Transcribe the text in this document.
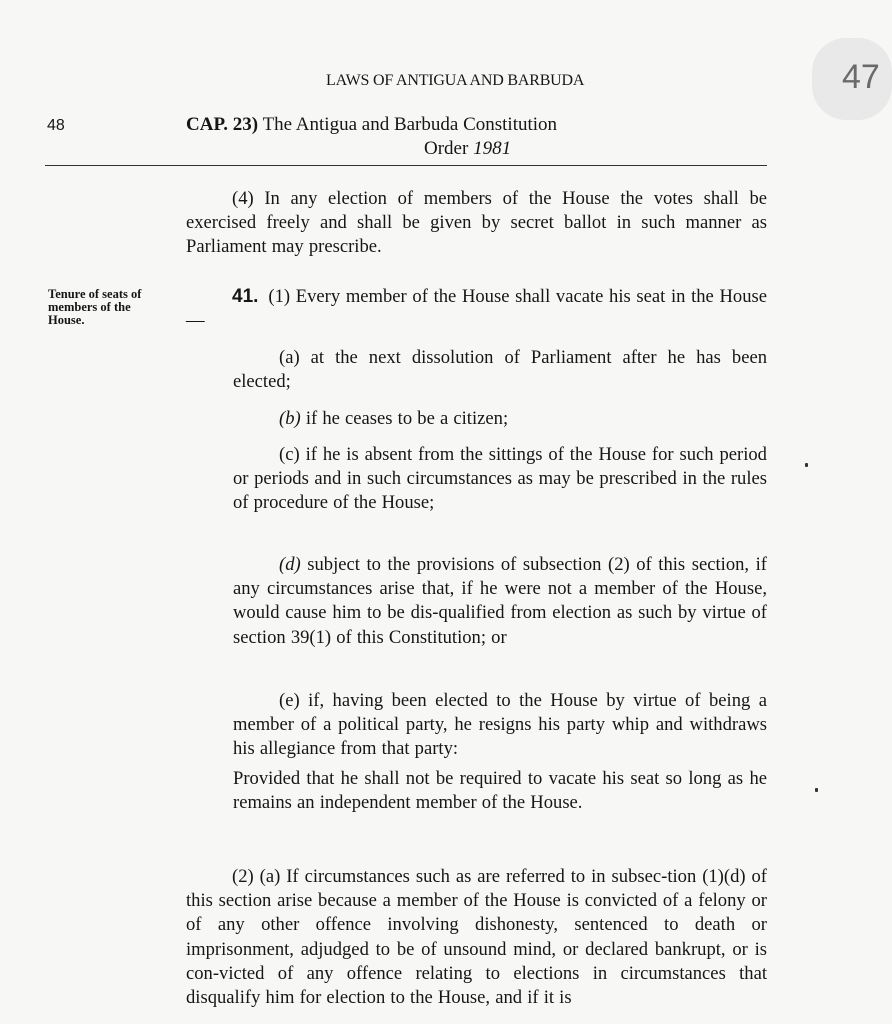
47
LAWS OF ANTIGUA AND BARBUDA
48	CAP. 23) The Antigua and Barbuda Constitution
Order 1981
(4) In any election of members of the House the votes shall be exercised freely and shall be given by secret ballot in such manner as Parliament may prescribe.
Tenure of seats of members of the House.
41. (1) Every member of the House shall vacate his seat in the House—
(a) at the next dissolution of Parliament after he has been elected;
(b) if he ceases to be a citizen;
(c) if he is absent from the sittings of the House for such period or periods and in such circumstances as may be prescribed in the rules of procedure of the House;
(d) subject to the provisions of subsection (2) of this section, if any circumstances arise that, if he were not a member of the House, would cause him to be dis-qualified from election as such by virtue of section 39(1) of this Constitution; or
(e) if, having been elected to the House by virtue of being a member of a political party, he resigns his party whip and withdraws his allegiance from that party:
Provided that he shall not be required to vacate his seat so long as he remains an independent member of the House.
(2) (a) If circumstances such as are referred to in subsec-tion (1)(d) of this section arise because a member of the House is convicted of a felony or of any other offence involving dishonesty, sentenced to death or imprisonment, adjudged to be of unsound mind, or declared bankrupt, or is con-victed of any offence relating to elections in circumstances that disqualify him for election to the House, and if it is
